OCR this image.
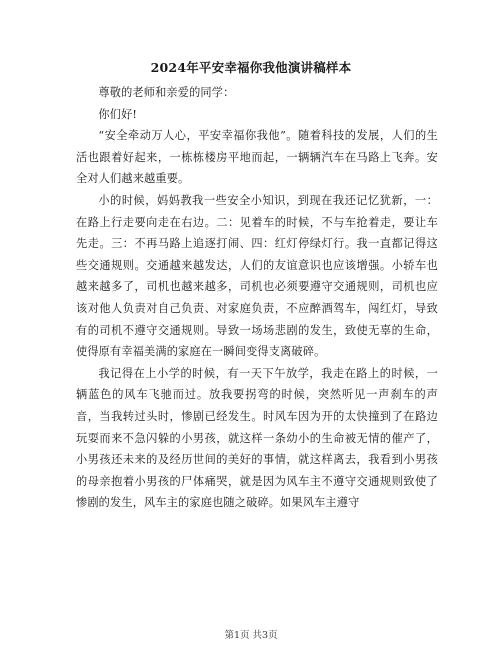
2024年平安幸福你我他演讲稿样本

尊敬的老师和亲爱的同学：

你们好!

“安全牵动万人心，平安幸福你我他”。随着科技的发展，人们的生活也跟着好起来，一栋栋楼房平地而起，一辆辆汽车在马路上飞奔。安全对人们越来越重要。

小的时候，妈妈教我一些安全小知识，到现在我还记忆犹新，一：在路上行走要向走在右边。二：见着车的时候，不与车抢着走，要让车先走。三：不再马路上追逐打闹、四：红灯停绿灯行。我一直都记得这些交通规则。交通越来越发达，人们的友谊意识也应该增强。小轿车也越来越多了，司机也越来越多，司机也必须要遵守交通规则，司机也应该对他人负责对自己负责、对家庭负责，不应醉酒驾车，闯红灯，导致有的司机不遵守交通规则。导致一场场悲剧的发生，致使无辜的生命，使得原有幸福美满的家庭在一瞬间变得支离破碎。

我记得在上小学的时候，有一天下午放学，我走在路上的时候，一辆蓝色的风车飞驰而过。放我要拐弯的时候，突然听见一声刹车的声音，当我转过头时，惨剧已经发生。时风车因为开的太快撞到了在路边玩耍而来不急闪躲的小男孩，就这样一条幼小的生命被无情的催产了，小男孩还未来的及经历世间的美好的事情，就这样离去，我看到小男孩的母亲抱着小男孩的尸体痛哭，就是因为风车主不遵守交通规则致使了惨剧的发生，风车主的家庭也随之破碎。如果风车主遵守

第1页 共3页
